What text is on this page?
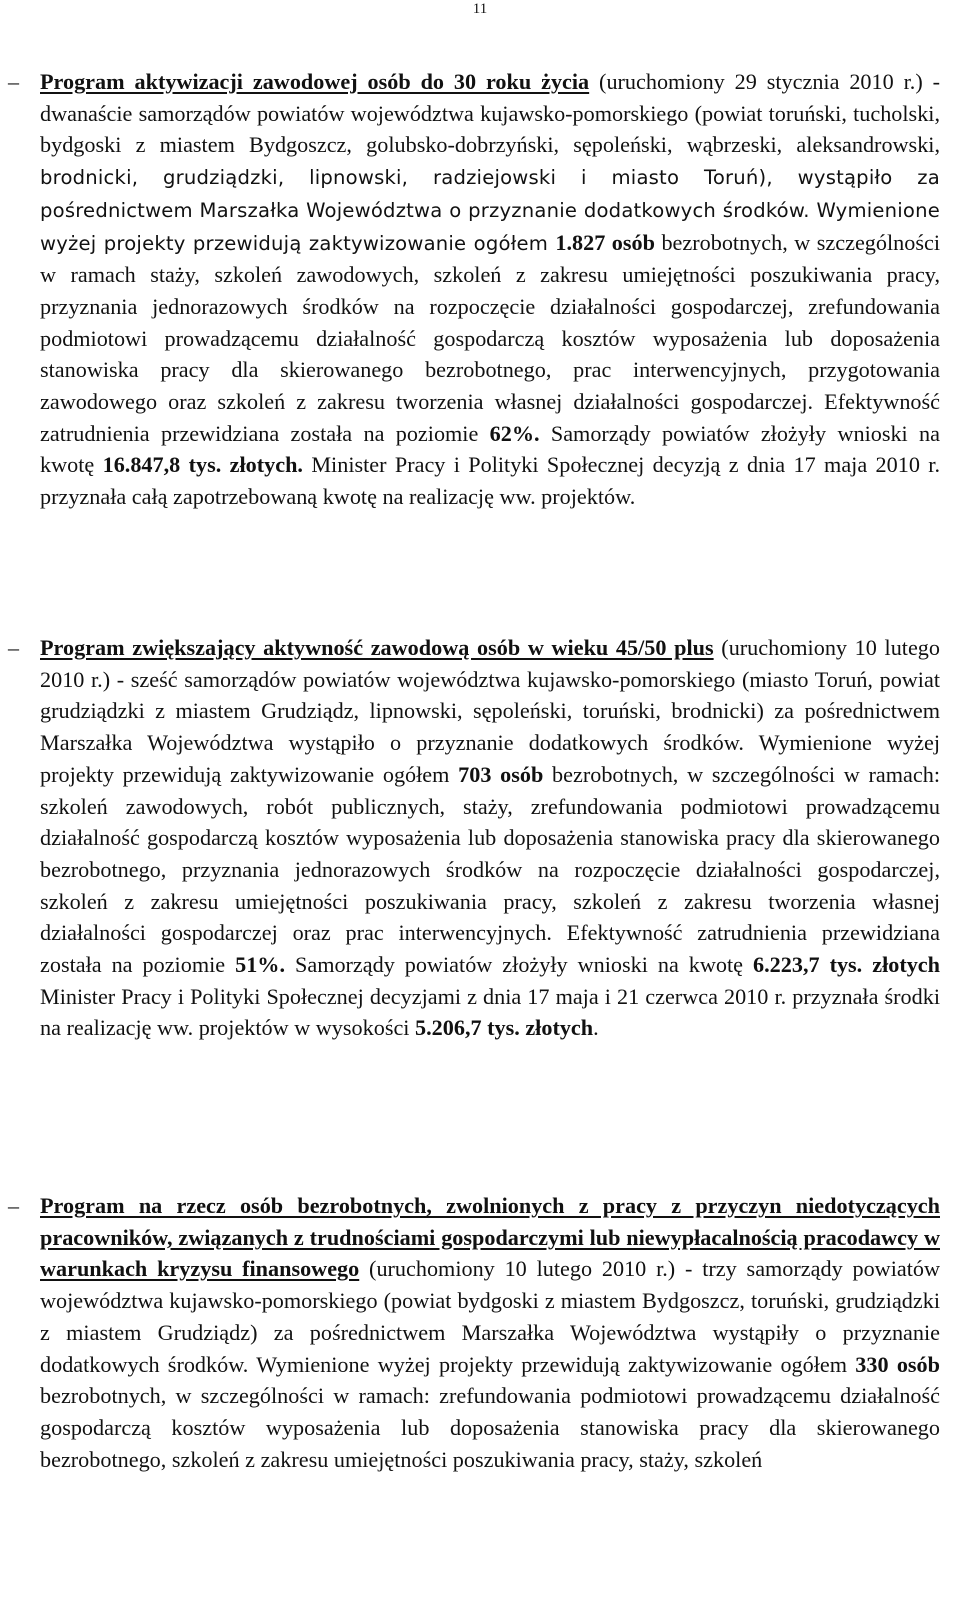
11
– Program aktywizacji zawodowej osób do 30 roku życia (uruchomiony 29 stycznia 2010 r.) - dwanaście samorządów powiatów województwa kujawsko-pomorskiego (powiat toruński, tucholski, bydgoski z miastem Bydgoszcz, golubsko-dobrzyński, sępoleński, wąbrzeski, aleksandrowski, brodnicki, grudziądzki, lipnowski, radziejowski i miasto Toruń), wystąpiło za pośrednictwem Marszałka Województwa o przyznanie dodatkowych środków. Wymienione wyżej projekty przewidują zaktywizowanie ogółem 1.827 osób bezrobotnych, w szczególności w ramach staży, szkoleń zawodowych, szkoleń z zakresu umiejętności poszukiwania pracy, przyznania jednorazowych środków na rozpoczęcie działalności gospodarczej, zrefundowania podmiotowi prowadzącemu działalność gospodarczą kosztów wyposażenia lub doposażenia stanowiska pracy dla skierowanego bezrobotnego, prac interwencyjnych, przygotowania zawodowego oraz szkoleń z zakresu tworzenia własnej działalności gospodarczej. Efektywność zatrudnienia przewidziana została na poziomie 62%. Samorządy powiatów złożyły wnioski na kwotę 16.847,8 tys. złotych. Minister Pracy i Polityki Społecznej decyzją z dnia 17 maja 2010 r. przyznała całą zapotrzebowaną kwotę na realizację ww. projektów.
– Program zwiększający aktywność zawodową osób w wieku 45/50 plus (uruchomiony 10 lutego 2010 r.) - sześć samorządów powiatów województwa kujawsko-pomorskiego (miasto Toruń, powiat grudziądzki z miastem Grudziądz, lipnowski, sępoleński, toruński, brodnicki) za pośrednictwem Marszałka Województwa wystąpiło o przyznanie dodatkowych środków. Wymienione wyżej projekty przewidują zaktywizowanie ogółem 703 osób bezrobotnych, w szczególności w ramach: szkoleń zawodowych, robót publicznych, staży, zrefundowania podmiotowi prowadzącemu działalność gospodarczą kosztów wyposażenia lub doposażenia stanowiska pracy dla skierowanego bezrobotnego, przyznania jednorazowych środków na rozpoczęcie działalności gospodarczej, szkoleń z zakresu umiejętności poszukiwania pracy, szkoleń z zakresu tworzenia własnej działalności gospodarczej oraz prac interwencyjnych. Efektywność zatrudnienia przewidziana została na poziomie 51%. Samorządy powiatów złożyły wnioski na kwotę 6.223,7 tys. złotych Minister Pracy i Polityki Społecznej decyzjami z dnia 17 maja i 21 czerwca 2010 r. przyznała środki na realizację ww. projektów w wysokości 5.206,7 tys. złotych.
– Program na rzecz osób bezrobotnych, zwolnionych z pracy z przyczyn niedotyczących pracowników, związanych z trudnościami gospodarczymi lub niewypłacalnością pracodawcy w warunkach kryzysu finansowego (uruchomiony 10 lutego 2010 r.) - trzy samorządy powiatów województwa kujawsko-pomorskiego (powiat bydgoski z miastem Bydgoszcz, toruński, grudziądzki z miastem Grudziądz) za pośrednictwem Marszałka Województwa wystąpiły o przyznanie dodatkowych środków. Wymienione wyżej projekty przewidują zaktywizowanie ogółem 330 osób bezrobotnych, w szczególności w ramach: zrefundowania podmiotowi prowadzącemu działalność gospodarczą kosztów wyposażenia lub doposażenia stanowiska pracy dla skierowanego bezrobotnego, szkoleń z zakresu umiejętności poszukiwania pracy, staży, szkoleń
